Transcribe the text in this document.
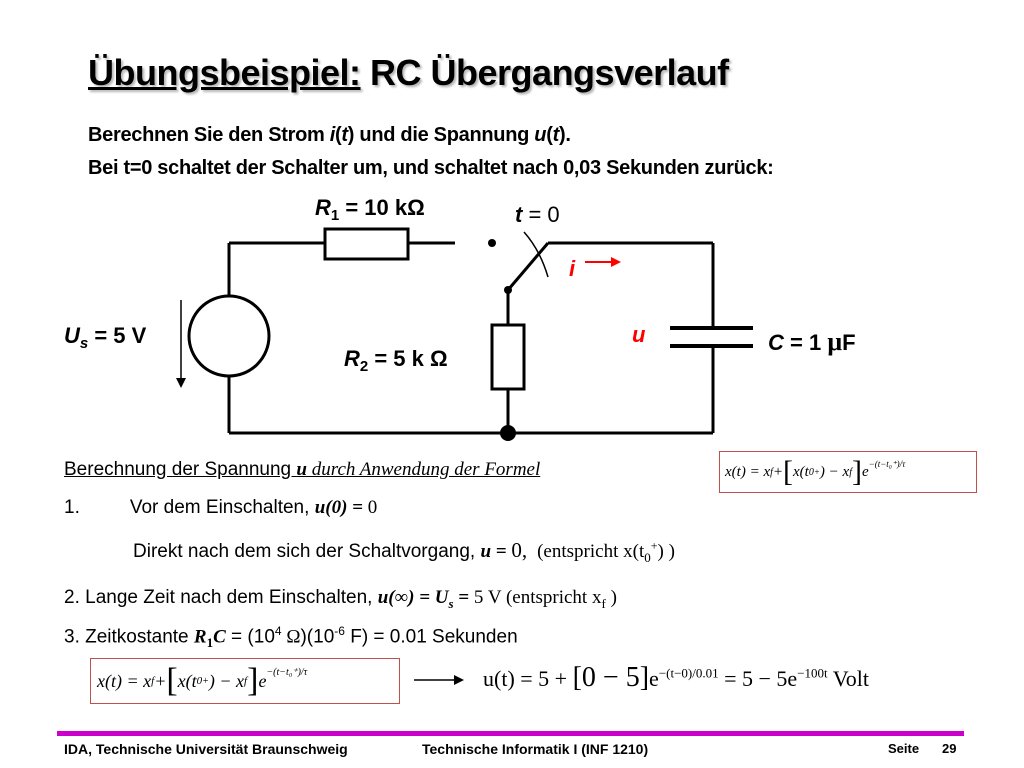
Übungsbeispiel: RC Übergangsverlauf
Berechnen Sie den Strom i(t) und die Spannung u(t).
Bei t=0 schaltet der Schalter um, und schaltet nach 0,03 Sekunden zurück:
$R_1 = 10$ kΩ	t = 0
i
$U_s = 5$ V
$R_2 = 5$ k Ω
u	C = 1 μF
Berechnung der Spannung u durch Anwendung der Formel	x(t) = x f + [ x(t 0 + ) − x f ] $e^{-(t-t_0^+)/\tau}$
1.	Vor dem Einschalten, u(0) = 0
Direkt nach dem sich der Schaltvorgang, u = 0, (entspricht $x(t_0^+)$ )
2. Lange Zeit nach dem Einschalten, $u(\infty) = U_s = 5$ V (entspricht $x_f$ )
3. Zeitkostante $R_1C = (10^4$ $\Omega)(10^{-6}$ F) = 0.01 Sekunden
x(t) = x f + [ x(t 0 + ) − x f ] $e^{-(t-t_0^+)/\tau}$	$u(t) = 5 + [0 - 5]e^{-(t-0)/0.01} = 5 - 5e^{-100t}$ Volt
IDA, Technische Universität Braunschweig	Technische Informatik I (INF 1210)	Seite 29
